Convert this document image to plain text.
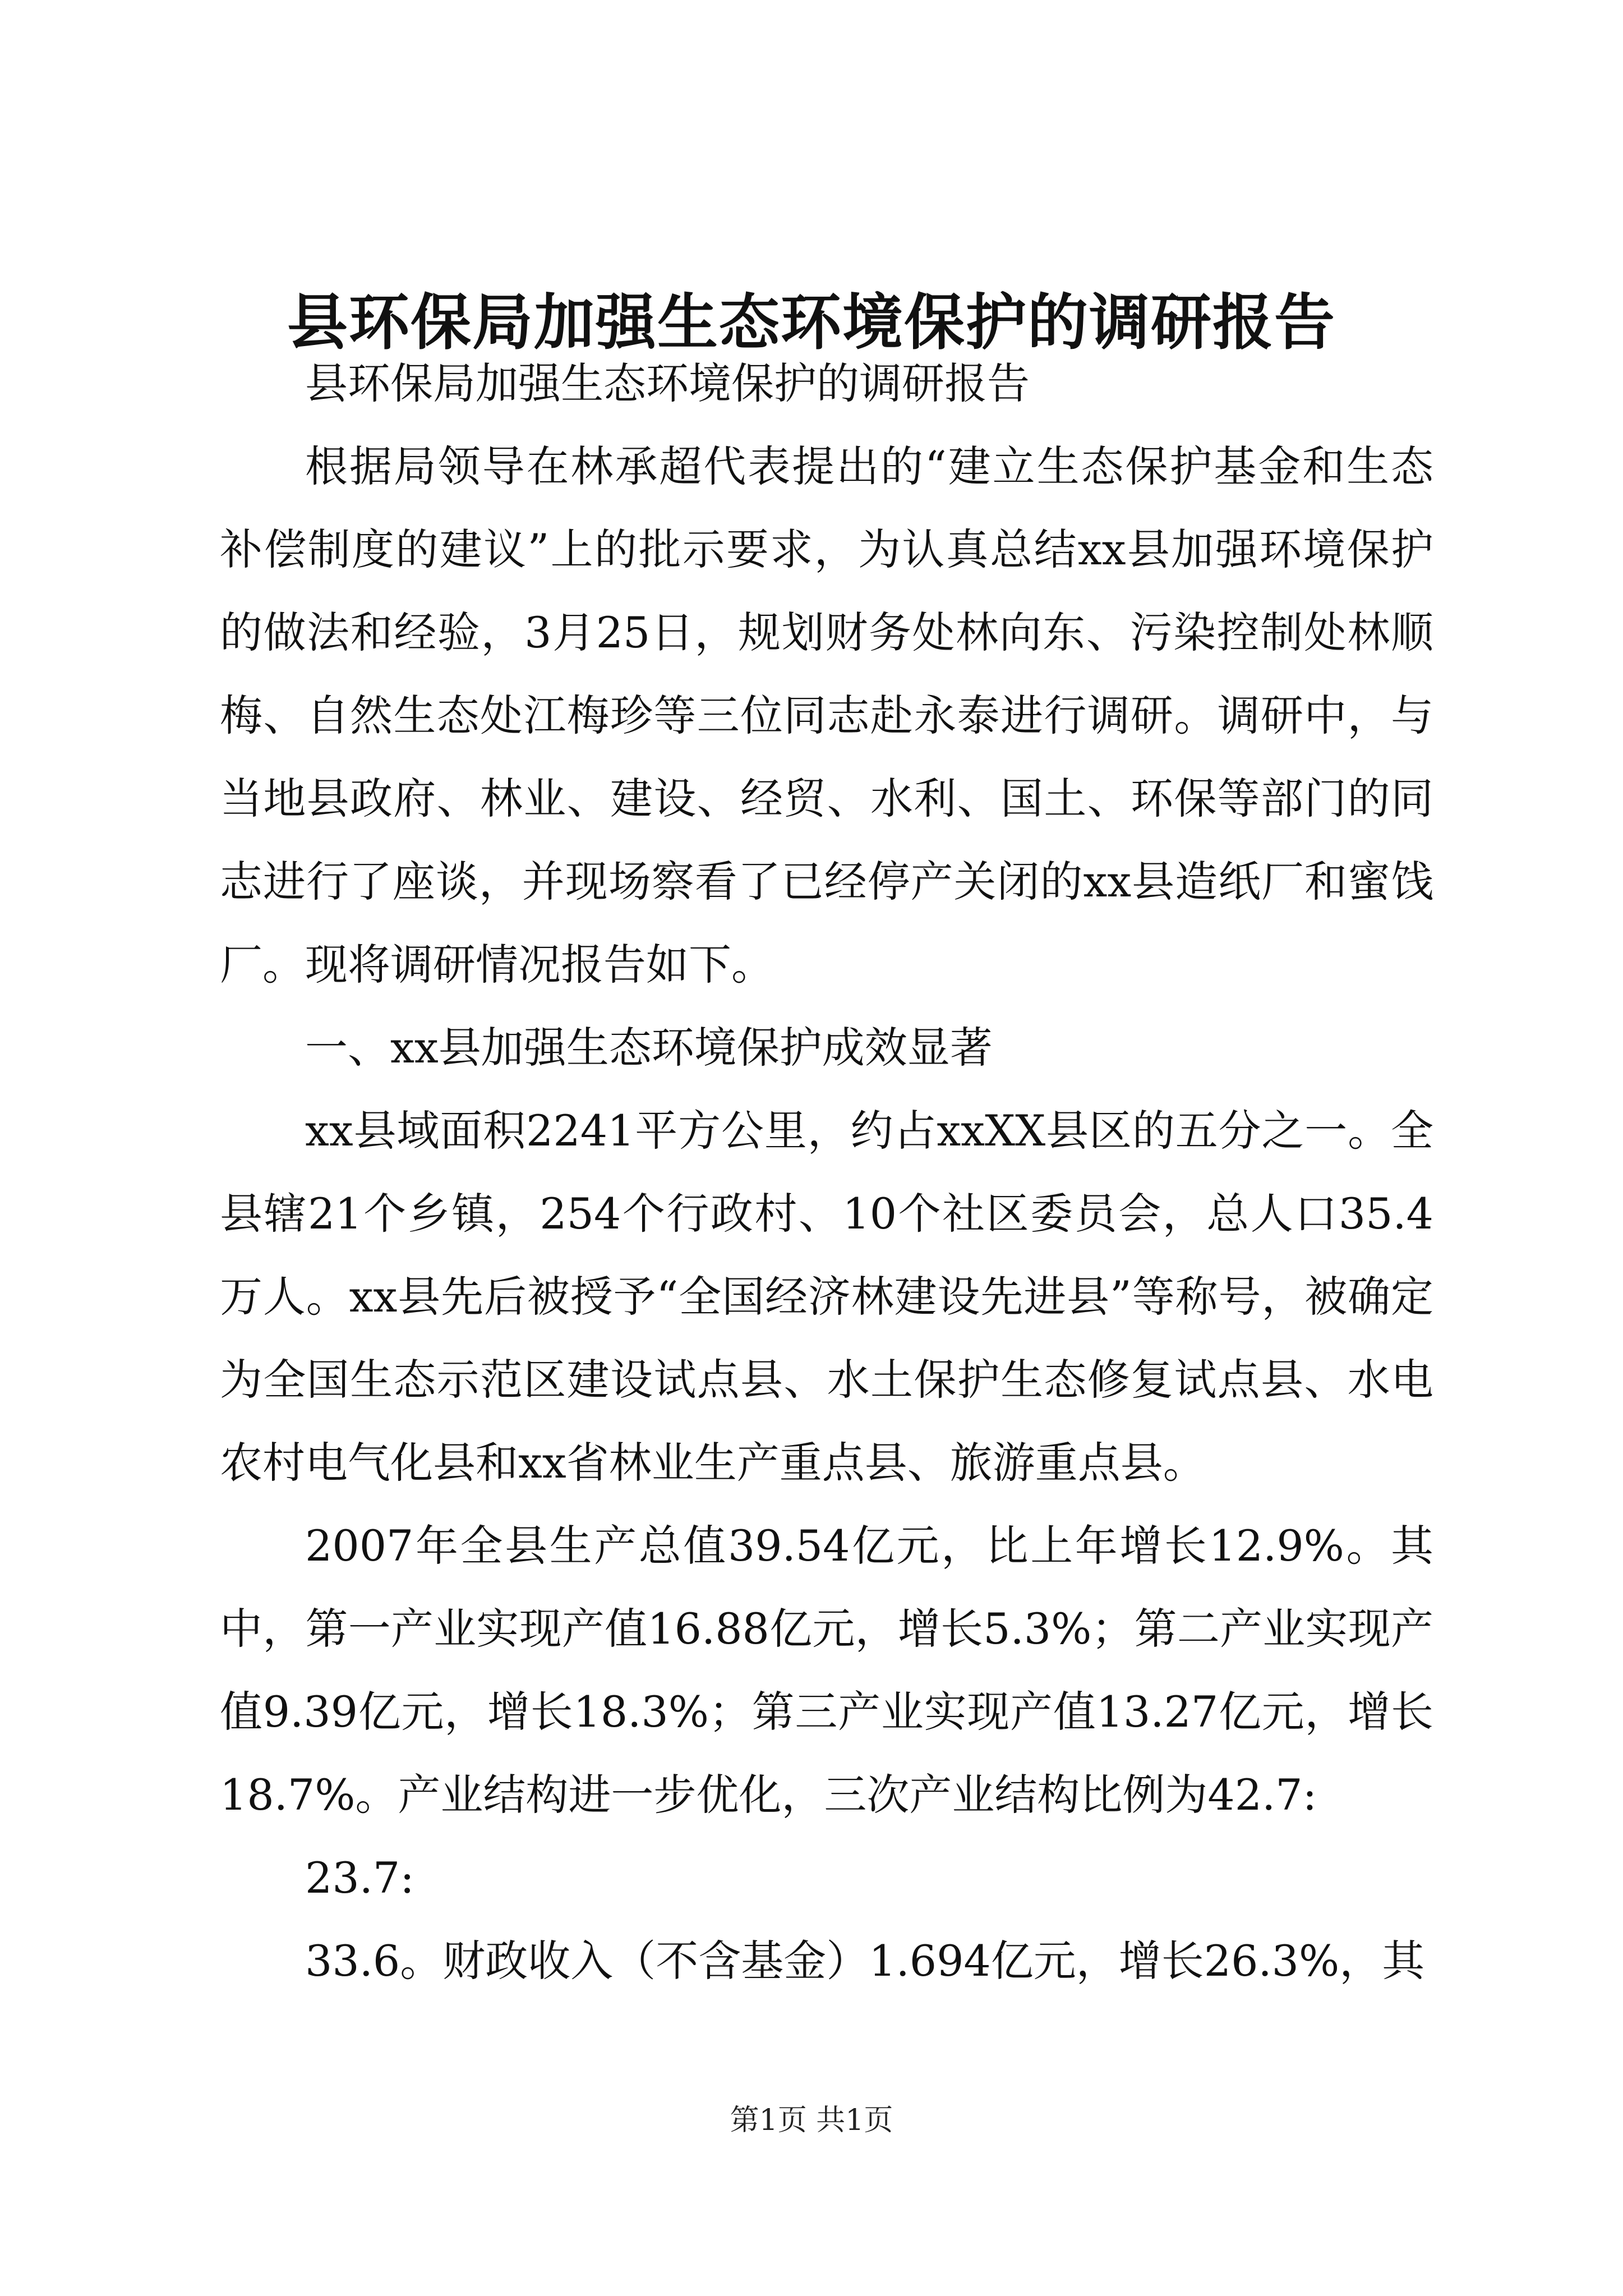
县环保局加强生态环境保护的调研报告

县环保局加强生态环境保护的调研报告

根据局领导在林承超代表提出的“建立生态保护基金和生态补偿制度的建议”上的批示要求，为认真总结xx县加强环境保护的做法和经验，3月25日，规划财务处林向东、污染控制处林顺梅、自然生态处江梅珍等三位同志赴永泰进行调研。调研中，与当地县政府、林业、建设、经贸、水利、国土、环保等部门的同志进行了座谈，并现场察看了已经停产关闭的xx县造纸厂和蜜饯厂。现将调研情况报告如下。

一、xx县加强生态环境保护成效显著

xx县域面积2241平方公里，约占xxXX县区的五分之一。全县辖21个乡镇，254个行政村、10个社区委员会，总人口35.4万人。xx县先后被授予“全国经济林建设先进县”等称号，被确定为全国生态示范区建设试点县、水土保护生态修复试点县、水电农村电气化县和xx省林业生产重点县、旅游重点县。

2007年全县生产总值39.54亿元，比上年增长12.9%。其中，第一产业实现产值16.88亿元，增长5.3%；第二产业实现产值9.39亿元，增长18.3%；第三产业实现产值13.27亿元，增长18.7%。产业结构进一步优化，三次产业结构比例为42.7:

23.7:

33.6。财政收入（不含基金）1.694亿元，增长26.3%，其

第1页 共1页
